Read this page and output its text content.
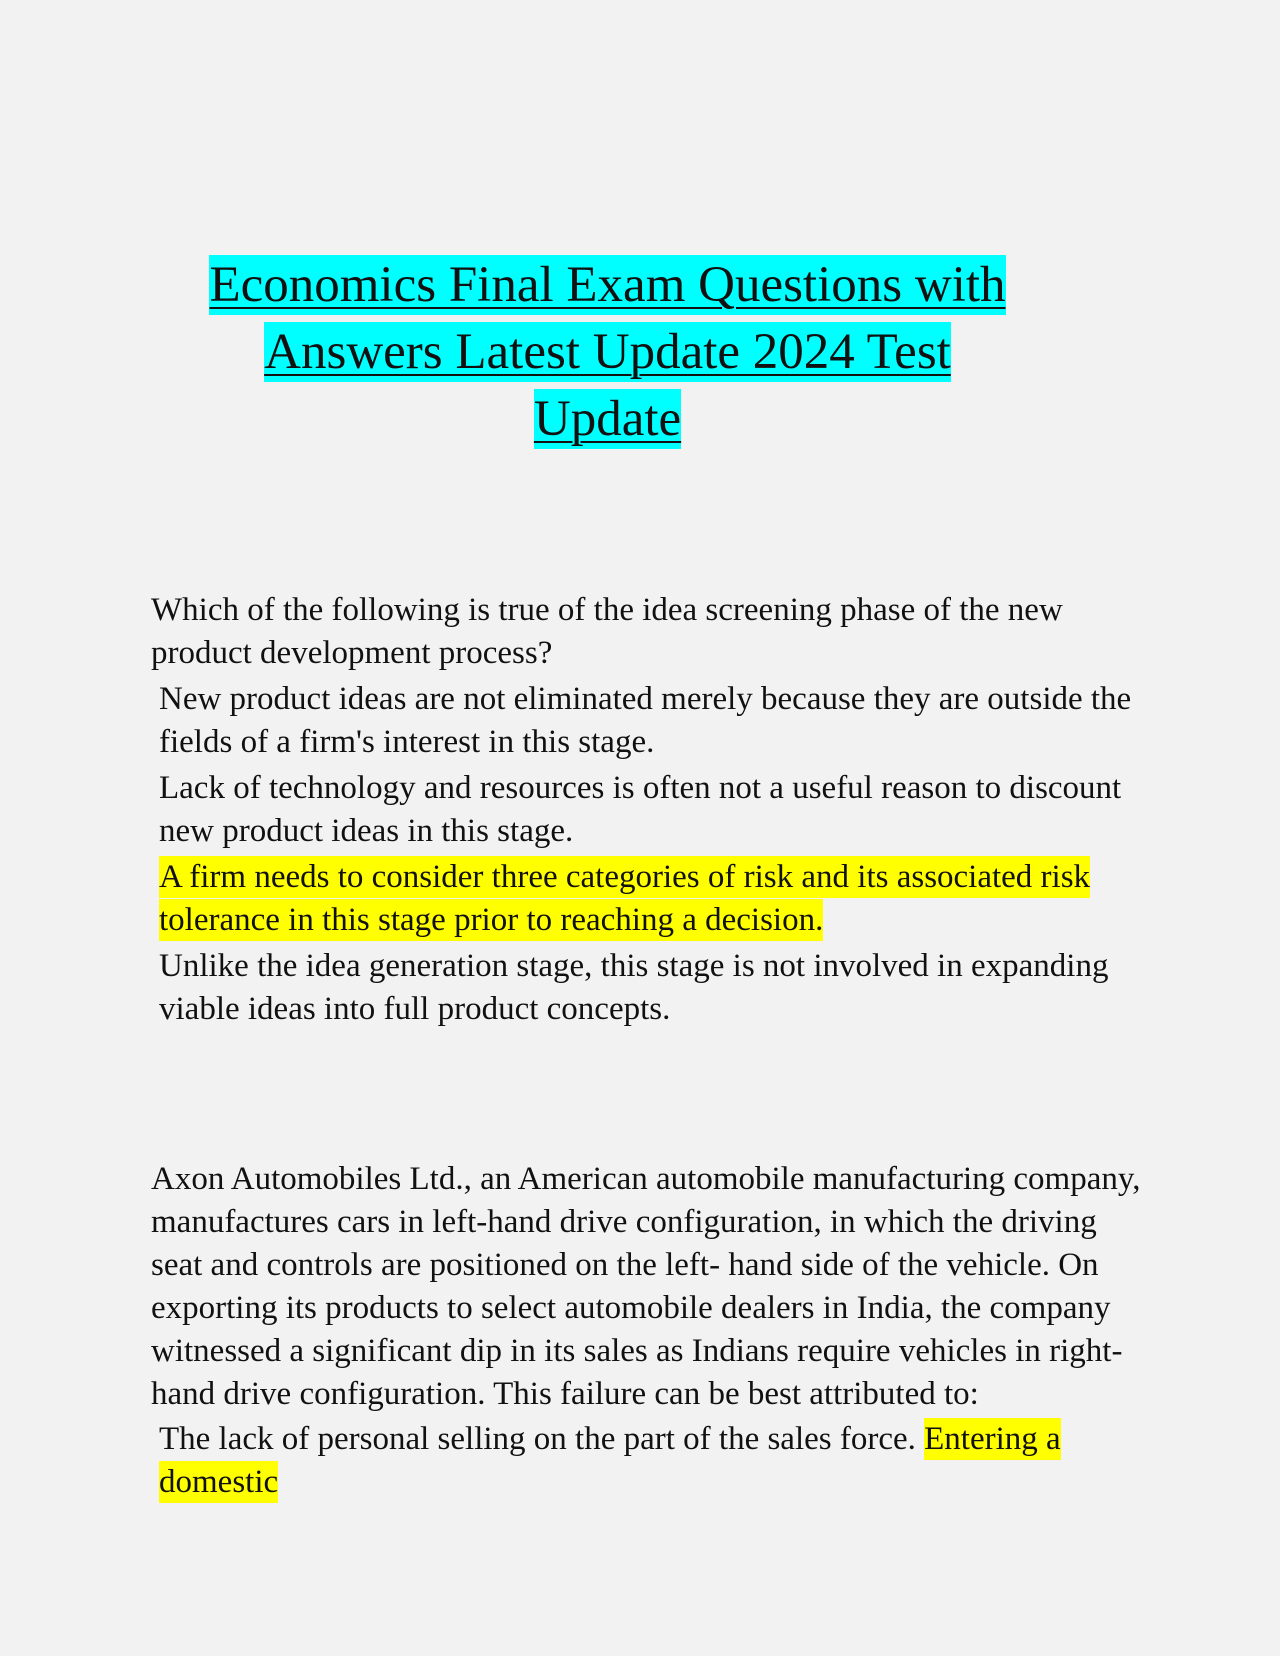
Economics Final Exam Questions with
Answers Latest Update 2024 Test
Update

Which of the following is true of the idea screening phase of the new product development process?

New product ideas are not eliminated merely because they are outside the fields of a firm's interest in this stage.

Lack of technology and resources is often not a useful reason to discount new product ideas in this stage.

A firm needs to consider three categories of risk and its associated risk tolerance in this stage prior to reaching a decision.

Unlike the idea generation stage, this stage is not involved in expanding viable ideas into full product concepts.

Axon Automobiles Ltd., an American automobile manufacturing company, manufactures cars in left-hand drive configuration, in which the driving seat and controls are positioned on the left- hand side of the vehicle. On exporting its products to select automobile dealers in India, the company witnessed a significant dip in its sales as Indians require vehicles in right-hand drive configuration. This failure can be best attributed to:

The lack of personal selling on the part of the sales force. Entering a domestic
